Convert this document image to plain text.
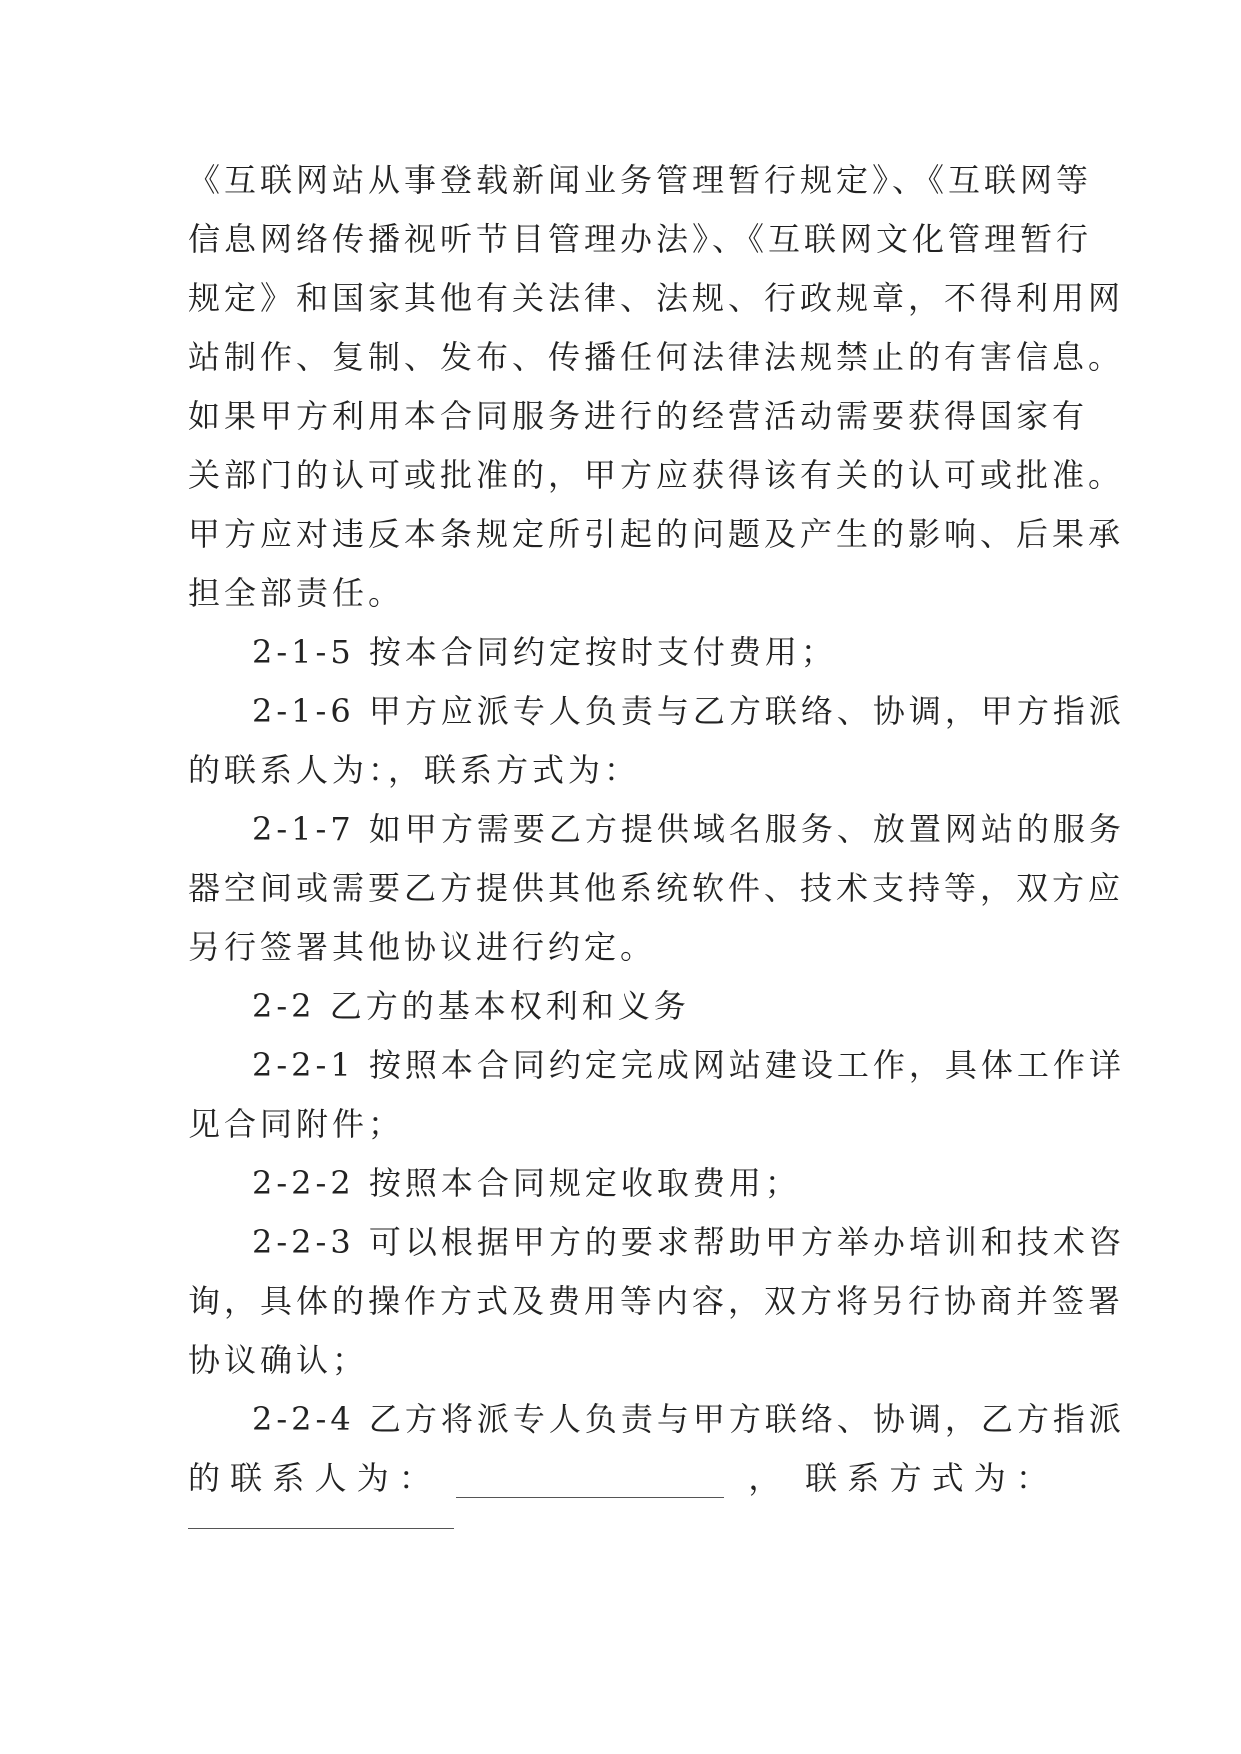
《互联网站从事登载新闻业务管理暂行规定》、《互联网等
信息网络传播视听节目管理办法》、《互联网文化管理暂行
规定》和国家其他有关法律、法规、行政规章，不得利用网
站制作、复制、发布、传播任何法律法规禁止的有害信息。
如果甲方利用本合同服务进行的经营活动需要获得国家有
关部门的认可或批准的，甲方应获得该有关的认可或批准。
甲方应对违反本条规定所引起的问题及产生的影响、后果承
担全部责任。
2-1-5 按本合同约定按时支付费用；
2-1-6 甲方应派专人负责与乙方联络、协调，甲方指派
的联系人为：，联系方式为：
2-1-7 如甲方需要乙方提供域名服务、放置网站的服务
器空间或需要乙方提供其他系统软件、技术支持等，双方应
另行签署其他协议进行约定。
2-2 乙方的基本权利和义务
2-2-1 按照本合同约定完成网站建设工作，具体工作详
见合同附件；
2-2-2 按照本合同规定收取费用；
2-2-3 可以根据甲方的要求帮助甲方举办培训和技术咨
询，具体的操作方式及费用等内容，双方将另行协商并签署
协议确认；
2-2-4 乙方将派专人负责与甲方联络、协调，乙方指派
的 联 系 人 为 ：	， 联 系 方 式 为 ：
